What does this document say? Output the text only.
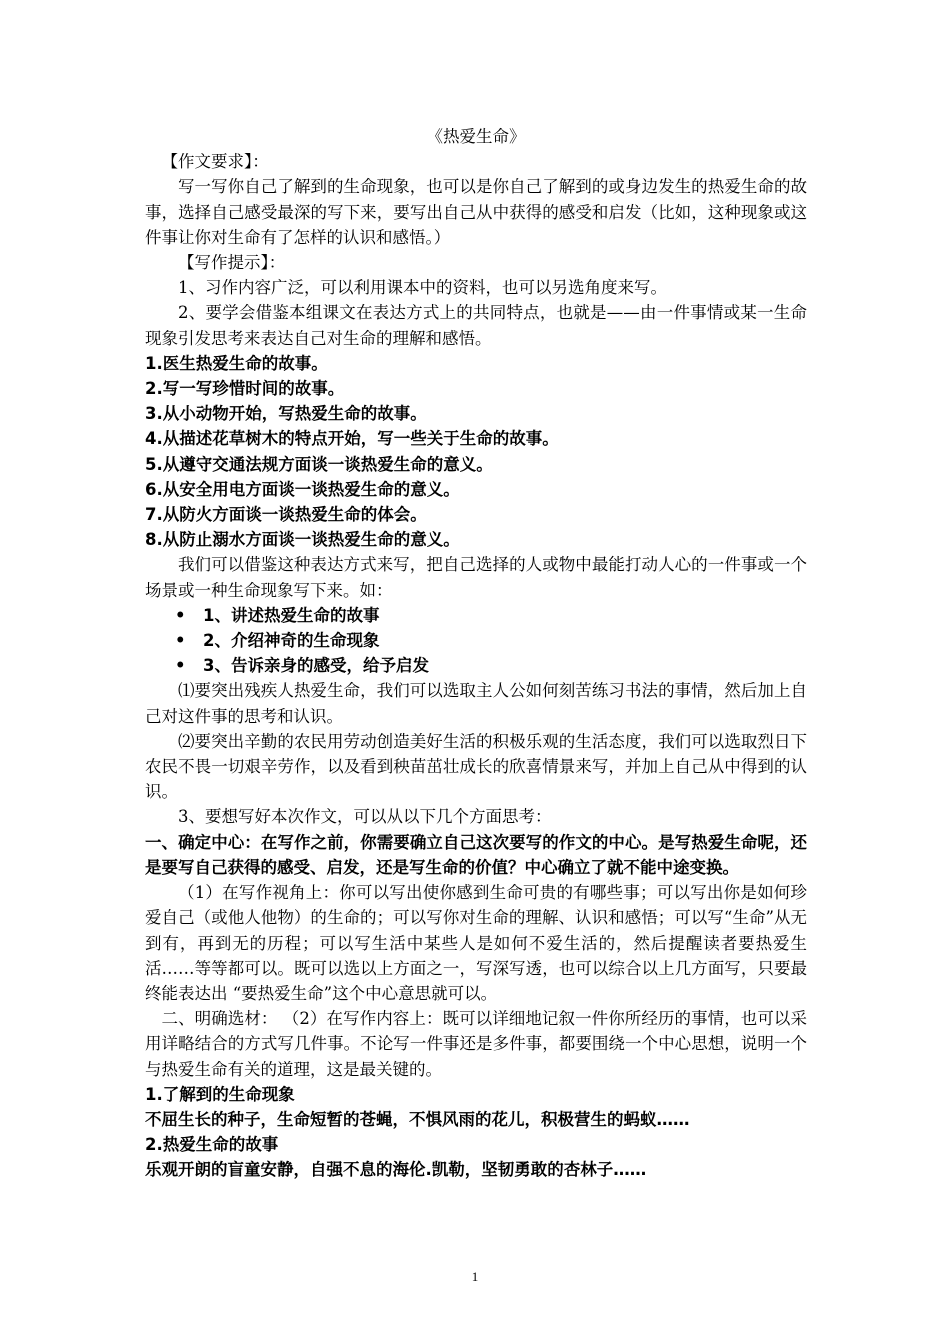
《热爱生命》

【作文要求】：

写一写你自己了解到的生命现象，也可以是你自己了解到的或身边发生的热爱生命的故事，选择自己感受最深的写下来，要写出自己从中获得的感受和启发（比如，这种现象或这件事让你对生命有了怎样的认识和感悟。）

【写作提示】：

1、习作内容广泛，可以利用课本中的资料，也可以另选角度来写。

2、要学会借鉴本组课文在表达方式上的共同特点，也就是——由一件事情或某一生命现象引发思考来表达自己对生命的理解和感悟。

1.医生热爱生命的故事。

2.写一写珍惜时间的故事。

3.从小动物开始，写热爱生命的故事。

4.从描述花草树木的特点开始，写一些关于生命的故事。

5.从遵守交通法规方面谈一谈热爱生命的意义。

6.从安全用电方面谈一谈热爱生命的意义。

7.从防火方面谈一谈热爱生命的体会。

8.从防止溺水方面谈一谈热爱生命的意义。

我们可以借鉴这种表达方式来写，把自己选择的人或物中最能打动人心的一件事或一个场景或一种生命现象写下来。如：

• 1、讲述热爱生命的故事

• 2、介绍神奇的生命现象

• 3、告诉亲身的感受，给予启发

⑴要突出残疾人热爱生命，我们可以选取主人公如何刻苦练习书法的事情，然后加上自己对这件事的思考和认识。

⑵要突出辛勤的农民用劳动创造美好生活的积极乐观的生活态度，我们可以选取烈日下农民不畏一切艰辛劳作，以及看到秧苗茁壮成长的欣喜情景来写，并加上自己从中得到的认识。

3、要想写好本次作文，可以从以下几个方面思考：

一、确定中心：在写作之前，你需要确立自己这次要写的作文的中心。是写热爱生命呢，还是要写自己获得的感受、启发，还是写生命的价值？中心确立了就不能中途变换。

（1）在写作视角上：你可以写出使你感到生命可贵的有哪些事；可以写出你是如何珍爱自己（或他人他物）的生命的；可以写你对生命的理解、认识和感悟；可以写“生命”从无到有，再到无的历程；可以写生活中某些人是如何不爱生活的，然后提醒读者要热爱生活……等等都可以。既可以选以上方面之一，写深写透，也可以综合以上几方面写，只要最终能表达出 “要热爱生命”这个中心意思就可以。

二、明确选材： （2）在写作内容上：既可以详细地记叙一件你所经历的事情，也可以采用详略结合的方式写几件事。不论写一件事还是多件事，都要围绕一个中心思想，说明一个与热爱生命有关的道理，这是最关键的。

1.了解到的生命现象

不屈生长的种子，生命短暂的苍蝇，不惧风雨的花儿，积极营生的蚂蚁……

2.热爱生命的故事

乐观开朗的盲童安静，自强不息的海伦.凯勒，坚韧勇敢的杏林子……

1
